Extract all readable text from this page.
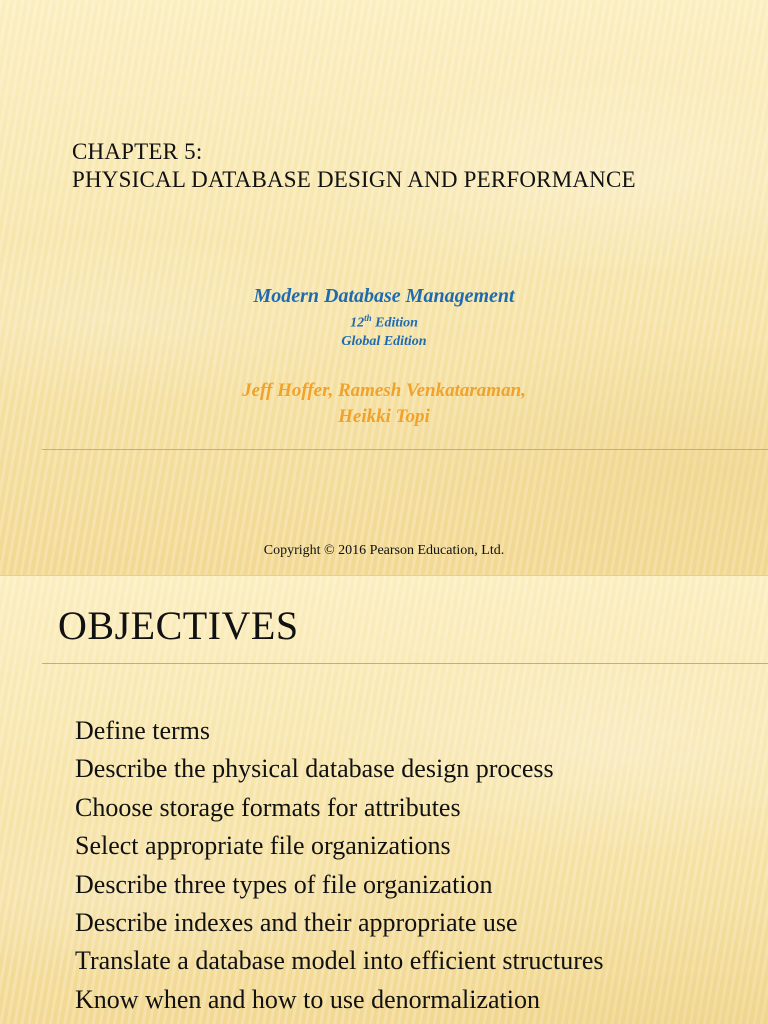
CHAPTER 5:
PHYSICAL DATABASE DESIGN AND PERFORMANCE
Modern Database Management
12th Edition
Global Edition
Jeff Hoffer, Ramesh Venkataraman,
Heikki Topi
Copyright © 2016 Pearson Education, Ltd.
OBJECTIVES
Define terms
Describe the physical database design process
Choose storage formats for attributes
Select appropriate file organizations
Describe three types of file organization
Describe indexes and their appropriate use
Translate a database model into efficient structures
Know when and how to use denormalization
